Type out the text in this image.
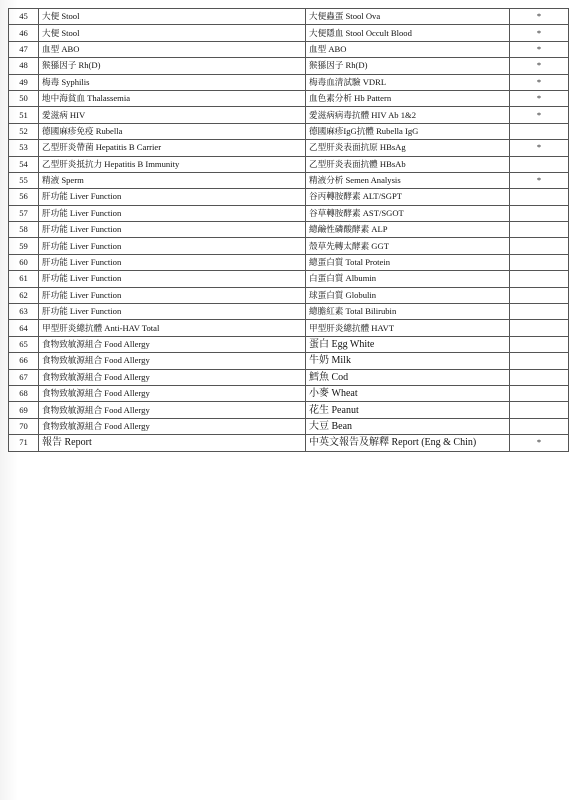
45	大便 Stool	大便蟲蛋 Stool Ova	*
46	大便 Stool	大便隱血 Stool Occult Blood	*
47	血型 ABO	血型 ABO	*
48	猴猻因子 Rh(D)	猴猻因子 Rh(D)	*
49	梅毒 Syphilis	梅毒血清試驗 VDRL	*
50	地中海貧血 Thalassemia	血色素分析 Hb Pattern	*
51	愛滋病 HIV	愛滋病病毒抗體 HIV Ab 1&2	*
52	德國麻疹免疫 Rubella	德國麻疹IgG抗體 Rubella IgG	
53	乙型肝炎帶菌 Hepatitis B Carrier	乙型肝炎表面抗原 HBsAg	*
54	乙型肝炎抵抗力 Hepatitis B Immunity	乙型肝炎表面抗體 HBsAb	
55	精液 Sperm	精液分析 Semen Analysis	*
56	肝功能 Liver Function	谷丙轉胺酵素 ALT/SGPT	
57	肝功能 Liver Function	谷草轉胺酵素 AST/SGOT	
58	肝功能 Liver Function	總鹼性磷酸酵素 ALP	
59	肝功能 Liver Function	殼草先轉太酵素 GGT	
60	肝功能 Liver Function	總蛋白質 Total Protein	
61	肝功能 Liver Function	白蛋白質 Albumin	
62	肝功能 Liver Function	球蛋白質 Globulin	
63	肝功能 Liver Function	總膽紅素 Total Bilirubin	
64	甲型肝炎總抗體 Anti-HAV Total	甲型肝炎總抗體 HAVT	
65	食物致敏源組合 Food Allergy	蛋白 Egg White	
66	食物致敏源組合 Food Allergy	牛奶 Milk	
67	食物致敏源組合 Food Allergy	鱈魚 Cod	
68	食物致敏源組合 Food Allergy	小麥 Wheat	
69	食物致敏源組合 Food Allergy	花生 Peanut	
70	食物致敏源組合 Food Allergy	大豆 Bean	
71	報告 Report	中英文報告及解釋 Report (Eng & Chin)	*
